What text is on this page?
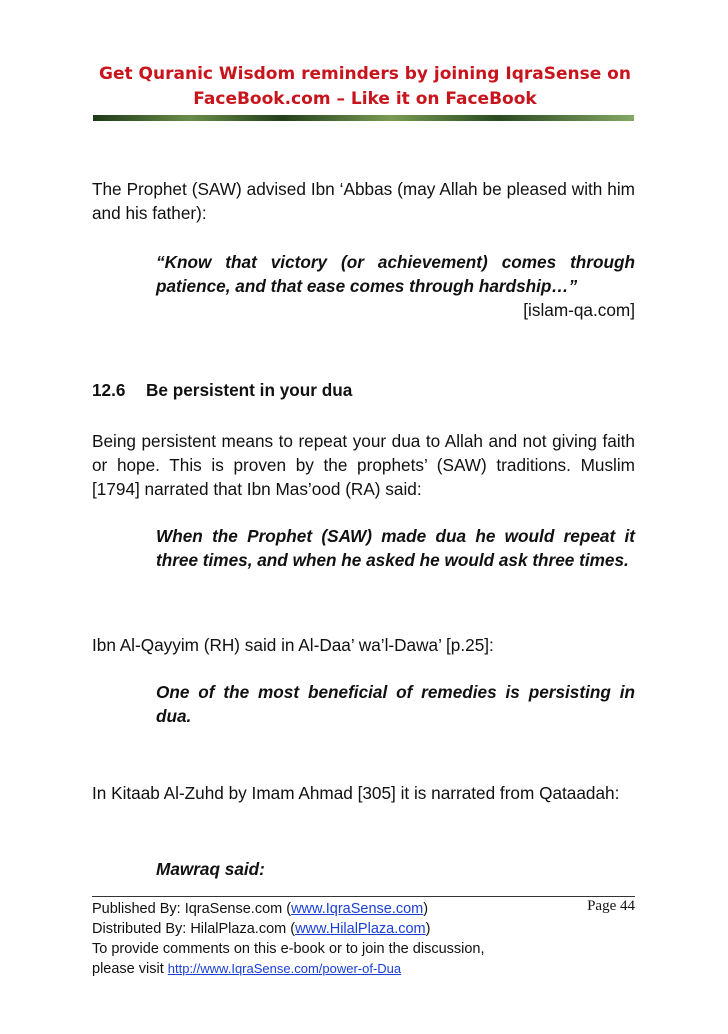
Get Quranic Wisdom reminders by joining IqraSense on
FaceBook.com – Like it on FaceBook

The Prophet (SAW) advised Ibn ‘Abbas (may Allah be pleased with him and his father):

“Know that victory (or achievement) comes through patience, and that ease comes through hardship…”
[islam-qa.com]
12.6 Be persistent in your dua

Being persistent means to repeat your dua to Allah and not giving faith or hope. This is proven by the prophets’ (SAW) traditions. Muslim [1794] narrated that Ibn Mas’ood (RA) said:

When the Prophet (SAW) made dua he would repeat it three times, and when he asked he would ask three times.

Ibn Al-Qayyim (RH) said in Al-Daa’ wa’l-Dawa’ [p.25]:

One of the most beneficial of remedies is persisting in dua.

In Kitaab Al-Zuhd by Imam Ahmad [305] it is narrated from Qataadah:

Mawraq said:
Published By: IqraSense.com (www.IqraSense.com)
Distributed By: HilalPlaza.com (www.HilalPlaza.com)
To provide comments on this e-book or to join the discussion,
please visit http://www.IqraSense.com/power-of-Dua
Page 44
